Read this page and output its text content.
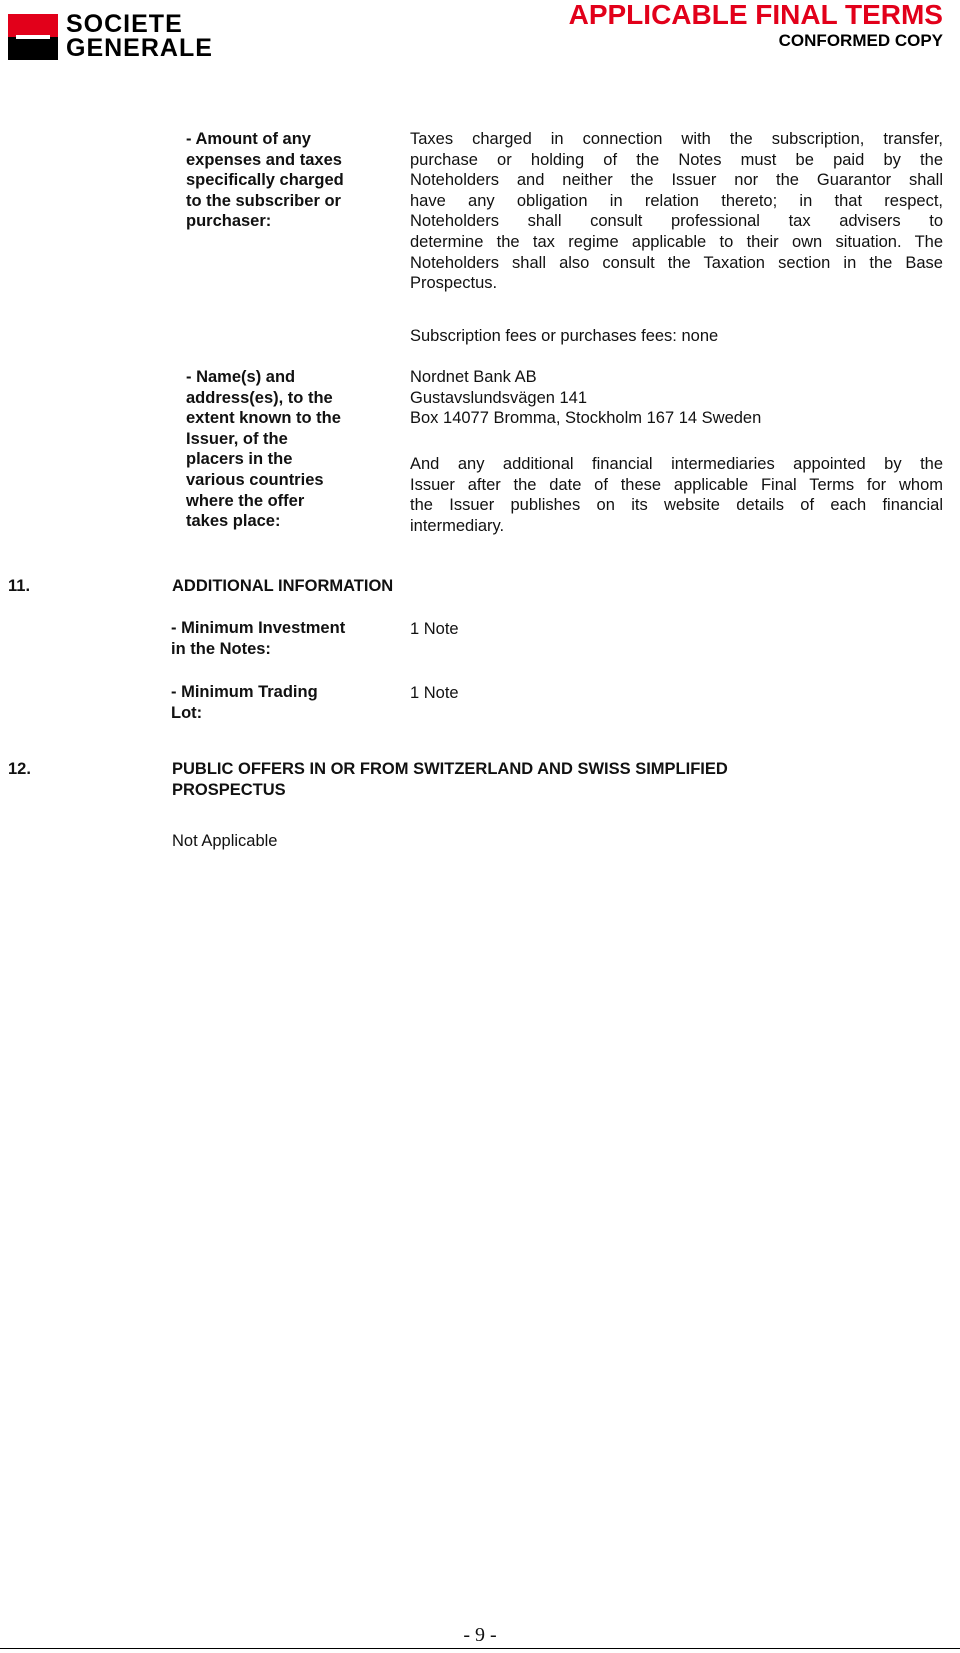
SOCIETE
GENERALE
APPLICABLE FINAL TERMS
CONFORMED COPY
- Amount of any
expenses and taxes
specifically charged
to the subscriber or
purchaser:
Taxes charged in connection with the subscription, transfer,
purchase or holding of the Notes must be paid by the
Noteholders and neither the Issuer nor the Guarantor shall
have any obligation in relation thereto; in that respect,
Noteholders shall consult professional tax advisers to
determine the tax regime applicable to their own situation. The
Noteholders shall also consult the Taxation section in the Base
Prospectus.
Subscription fees or purchases fees: none
- Name(s) and
address(es), to the
extent known to the
Issuer, of the
placers in the
various countries
where the offer
takes place:
Nordnet Bank AB
Gustavslundsvägen 141
Box 14077 Bromma, Stockholm 167 14 Sweden
And any additional financial intermediaries appointed by the
Issuer after the date of these applicable Final Terms for whom
the Issuer publishes on its website details of each financial
intermediary.
11.	ADDITIONAL INFORMATION
- Minimum Investment
in the Notes:
1 Note
- Minimum Trading
Lot:
1 Note
12.	PUBLIC OFFERS IN OR FROM SWITZERLAND AND SWISS SIMPLIFIED
PROSPECTUS
Not Applicable
- 9 -
